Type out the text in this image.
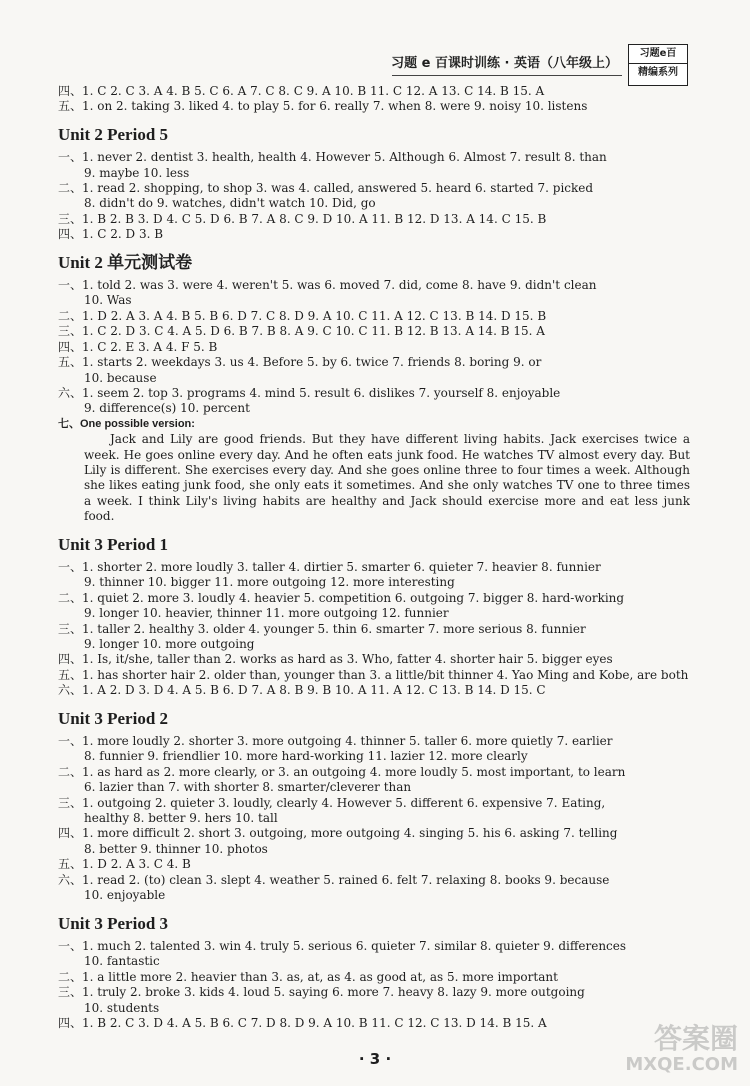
习题 e 百课时训练 · 英语（八年级上）
习题e百
精编系列
四、1. C 2. C 3. A 4. B 5. C 6. A 7. C 8. C 9. A 10. B 11. C 12. A 13. C 14. B 15. A
五、1. on 2. taking 3. liked 4. to play 5. for 6. really 7. when 8. were 9. noisy 10. listens
Unit 2 Period 5
一、1. never 2. dentist 3. health, health 4. However 5. Although 6. Almost 7. result 8. than
9. maybe 10. less
二、1. read 2. shopping, to shop 3. was 4. called, answered 5. heard 6. started 7. picked
8. didn't do 9. watches, didn't watch 10. Did, go
三、1. B 2. B 3. D 4. C 5. D 6. B 7. A 8. C 9. D 10. A 11. B 12. D 13. A 14. C 15. B
四、1. C 2. D 3. B
Unit 2 单元测试卷
一、1. told 2. was 3. were 4. weren't 5. was 6. moved 7. did, come 8. have 9. didn't clean
10. Was
二、1. D 2. A 3. A 4. B 5. B 6. D 7. C 8. D 9. A 10. C 11. A 12. C 13. B 14. D 15. B
三、1. C 2. D 3. C 4. A 5. D 6. B 7. B 8. A 9. C 10. C 11. B 12. B 13. A 14. B 15. A
四、1. C 2. E 3. A 4. F 5. B
五、1. starts 2. weekdays 3. us 4. Before 5. by 6. twice 7. friends 8. boring 9. or
10. because
六、1. seem 2. top 3. programs 4. mind 5. result 6. dislikes 7. yourself 8. enjoyable
9. difference(s) 10. percent
七、One possible version:
Jack and Lily are good friends. But they have different living habits. Jack exercises twice a week. He goes online every day. And he often eats junk food. He watches TV almost every day. But Lily is different. She exercises every day. And she goes online three to four times a week. Although she likes eating junk food, she only eats it sometimes. And she only watches TV one to three times a week. I think Lily's living habits are healthy and Jack should exercise more and eat less junk food.
Unit 3 Period 1
一、1. shorter 2. more loudly 3. taller 4. dirtier 5. smarter 6. quieter 7. heavier 8. funnier
9. thinner 10. bigger 11. more outgoing 12. more interesting
二、1. quiet 2. more 3. loudly 4. heavier 5. competition 6. outgoing 7. bigger 8. hard-working
9. longer 10. heavier, thinner 11. more outgoing 12. funnier
三、1. taller 2. healthy 3. older 4. younger 5. thin 6. smarter 7. more serious 8. funnier
9. longer 10. more outgoing
四、1. Is, it/she, taller than 2. works as hard as 3. Who, fatter 4. shorter hair 5. bigger eyes
五、1. has shorter hair 2. older than, younger than 3. a little/bit thinner 4. Yao Ming and Kobe, are both
六、1. A 2. D 3. D 4. A 5. B 6. D 7. A 8. B 9. B 10. A 11. A 12. C 13. B 14. D 15. C
Unit 3 Period 2
一、1. more loudly 2. shorter 3. more outgoing 4. thinner 5. taller 6. more quietly 7. earlier
8. funnier 9. friendlier 10. more hard-working 11. lazier 12. more clearly
二、1. as hard as 2. more clearly, or 3. an outgoing 4. more loudly 5. most important, to learn
6. lazier than 7. with shorter 8. smarter/cleverer than
三、1. outgoing 2. quieter 3. loudly, clearly 4. However 5. different 6. expensive 7. Eating,
healthy 8. better 9. hers 10. tall
四、1. more difficult 2. short 3. outgoing, more outgoing 4. singing 5. his 6. asking 7. telling
8. better 9. thinner 10. photos
五、1. D 2. A 3. C 4. B
六、1. read 2. (to) clean 3. slept 4. weather 5. rained 6. felt 7. relaxing 8. books 9. because
10. enjoyable
Unit 3 Period 3
一、1. much 2. talented 3. win 4. truly 5. serious 6. quieter 7. similar 8. quieter 9. differences
10. fantastic
二、1. a little more 2. heavier than 3. as, at, as 4. as good at, as 5. more important
三、1. truly 2. broke 3. kids 4. loud 5. saying 6. more 7. heavy 8. lazy 9. more outgoing
10. students
四、1. B 2. C 3. D 4. A 5. B 6. C 7. D 8. D 9. A 10. B 11. C 12. C 13. D 14. B 15. A
· 3 ·
答案圈
MXQE.COM
